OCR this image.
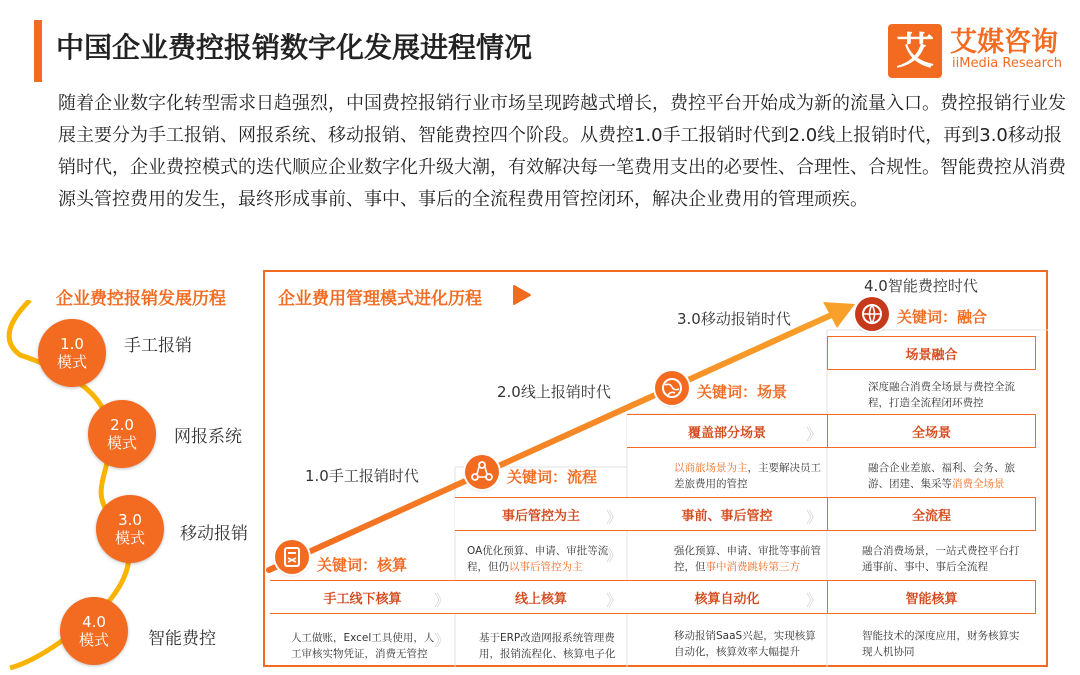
中国企业费控报销数字化发展进程情况	艾 艾媒咨询
iiMedia Research
随着企业数字化转型需求日趋强烈，中国费控报销行业市场呈现跨越式增长，费控平台开始成为新的流量入口。费控报销行业发展主要分为手工报销、网报系统、移动报销、智能费控四个阶段。从费控1.0手工报销时代到2.0线上报销时代，再到3.0移动报销时代，企业费控模式的迭代顺应企业数字化升级大潮，有效解决每一笔费用支出的必要性、合理性、合规性。智能费控从消费源头管控费用的发生，最终形成事前、事中、事后的全流程费用管控闭环，解决企业费用的管理顽疾。
企业费控报销发展历程
1.0
模式
手工报销
2.0
模式 网报系统
3.0
模式 移动报销
4.0
模式 智能费控
企业费用管理模式进化历程
1.0手工报销时代
2.0线上报销时代
3.0移动报销时代
4.0智能费控时代
关键词：核算
关键词：流程
关键词：场景
关键词：融合
手工线下核算 》
人工做账，Excel工具使用，人工审核实物凭证，消费无管控
》
事后管控为主 》
OA优化预算、申请、审批等流程，但仍以事后管控为主
》
线上核算 》
基于ERP改造网报系统管理费用，报销流程化、核算电子化
覆盖部分场景	》
以商旅场景为主，主要解决员工差旅费用的管控
事前、事后管控 》
强化预算、申请、审批等事前管控，但事中消费跳转第三方
核算自动化	》
移动报销SaaS兴起，实现核算自动化，核算效率大幅提升
场景融合
深度融合消费全场景与费控全流程，打造全流程闭环费控
全场景
融合企业差旅、福利、会务、旅游、团建、集采等消费全场景
全流程
融合消费场景，一站式费控平台打通事前、事中、事后全流程
智能核算
智能技术的深度应用，财务核算实现人机协同
